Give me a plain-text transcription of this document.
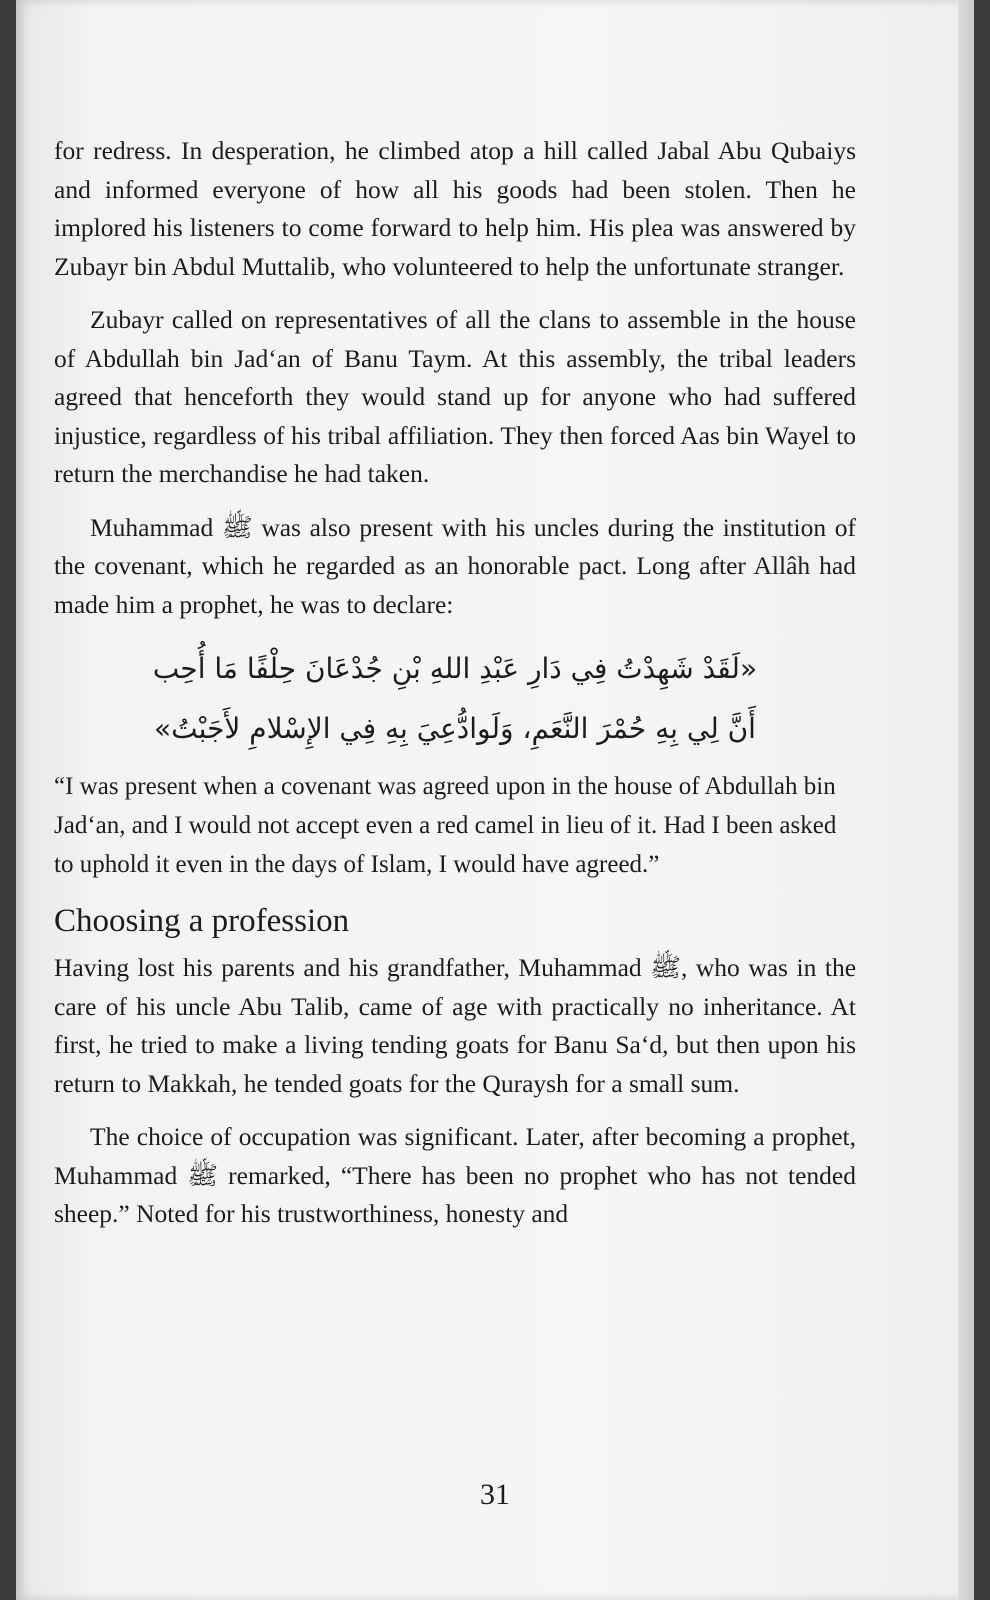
for redress. In desperation, he climbed atop a hill called Jabal Abu Qubaiys and informed everyone of how all his goods had been stolen. Then he implored his listeners to come forward to help him. His plea was answered by Zubayr bin Abdul Muttalib, who volunteered to help the unfortunate stranger.

Zubayr called on representatives of all the clans to assemble in the house of Abdullah bin Jad‘an of Banu Taym. At this assembly, the tribal leaders agreed that henceforth they would stand up for anyone who had suffered injustice, regardless of his tribal affiliation. They then forced Aas bin Wayel to return the merchandise he had taken.

Muhammad ﷺ was also present with his uncles during the institution of the covenant, which he regarded as an honorable pact. Long after Allâh had made him a prophet, he was to declare:

«لَقَدْ شَهِدْتُ فِي دَارِ عَبْدِ اللهِ بْنِ جُدْعَانَ حِلْفًا مَا أُحِب
أَنَّ لِي بِهِ حُمْرَ النَّعَمِ، وَلَوادُّعِيَ بِهِ فِي الإِسْلامِ لأَجَبْتُ»

“I was present when a covenant was agreed upon in the house of Abdullah bin Jad‘an, and I would not accept even a red camel in lieu of it. Had I been asked to uphold it even in the days of Islam, I would have agreed.”

Choosing a profession

Having lost his parents and his grandfather, Muhammad ﷺ, who was in the care of his uncle Abu Talib, came of age with practically no inheritance. At first, he tried to make a living tending goats for Banu Sa‘d, but then upon his return to Makkah, he tended goats for the Quraysh for a small sum.

The choice of occupation was significant. Later, after becoming a prophet, Muhammad ﷺ remarked, “There has been no prophet who has not tended sheep.” Noted for his trustworthiness, honesty and

31
